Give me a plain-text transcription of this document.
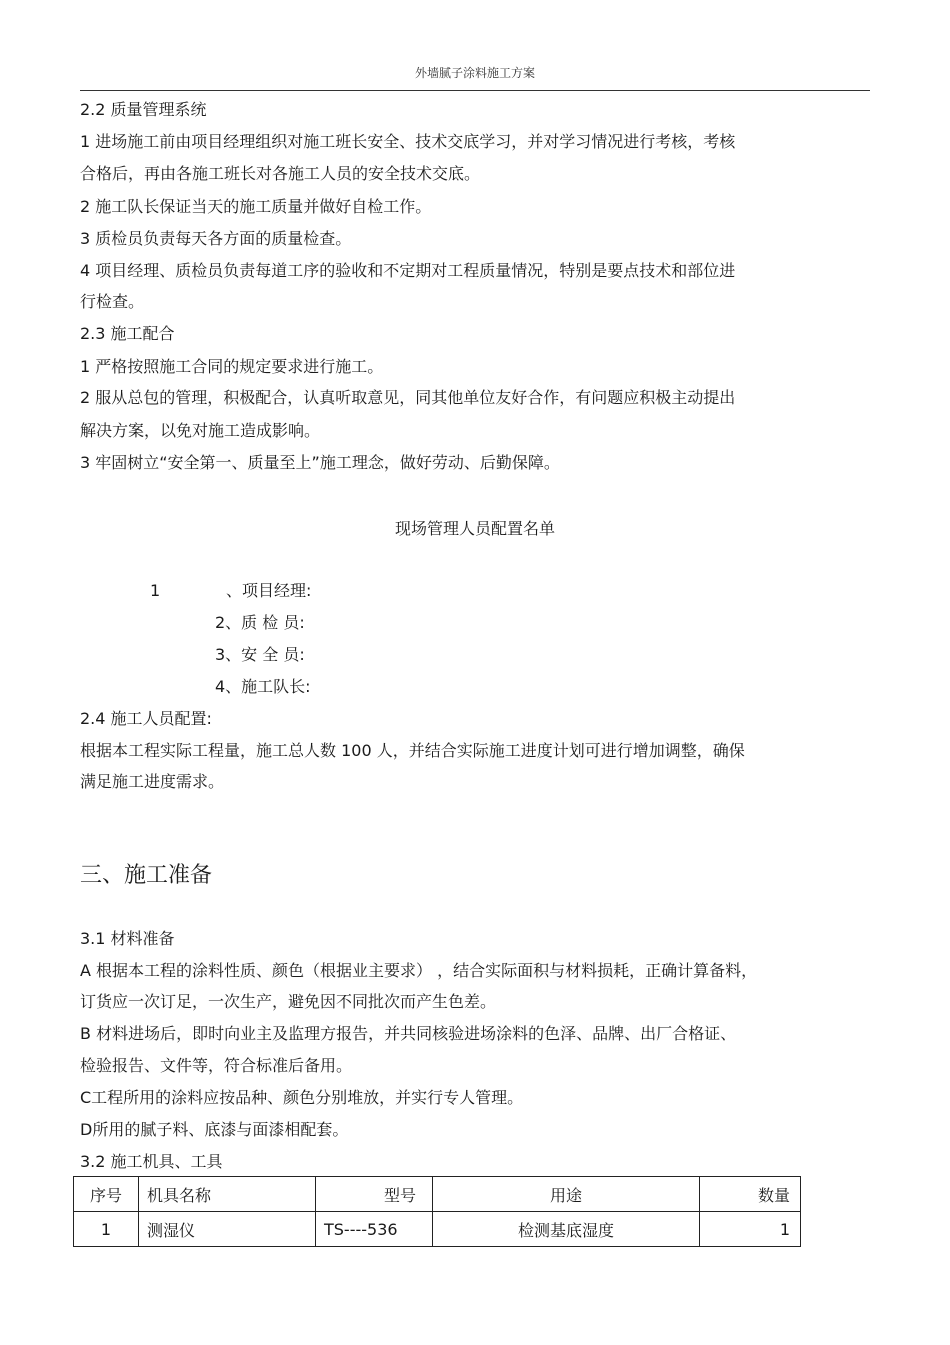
外墙腻子涂料施工方案
2.2 质量管理系统
1 进场施工前由项目经理组织对施工班长安全、技术交底学习，并对学习情况进行考核，考核
合格后，再由各施工班长对各施工人员的安全技术交底。
2 施工队长保证当天的施工质量并做好自检工作。
3 质检员负责每天各方面的质量检查。
4 项目经理、质检员负责每道工序的验收和不定期对工程质量情况，特别是要点技术和部位进
行检查。
2.3 施工配合
1 严格按照施工合同的规定要求进行施工。
2 服从总包的管理，积极配合，认真听取意见，同其他单位友好合作，有问题应积极主动提出
解决方案，以免对施工造成影响。
3 牢固树立“安全第一、质量至上”施工理念，做好劳动、后勤保障。
现场管理人员配置名单
1	、项目经理:
2、质 检 员:
3、安 全 员:
4、施工队长:
2.4 施工人员配置:
根据本工程实际工程量，施工总人数 100 人，并结合实际施工进度计划可进行增加调整，确保
满足施工进度需求。
三、施工准备
3.1 材料准备
A 根据本工程的涂料性质、颜色（根据业主要求） ，结合实际面积与材料损耗，正确计算备料，
订货应一次订足，一次生产，避免因不同批次而产生色差。
B 材料进场后，即时向业主及监理方报告，并共同核验进场涂料的色泽、品牌、出厂合格证、
检验报告、文件等，符合标准后备用。
C工程所用的涂料应按品种、颜色分别堆放，并实行专人管理。
D所用的腻子料、底漆与面漆相配套。
3.2 施工机具、工具
序号	机具名称	型号	用途	数量
1	测湿仪	TS----536	检测基底湿度	1
